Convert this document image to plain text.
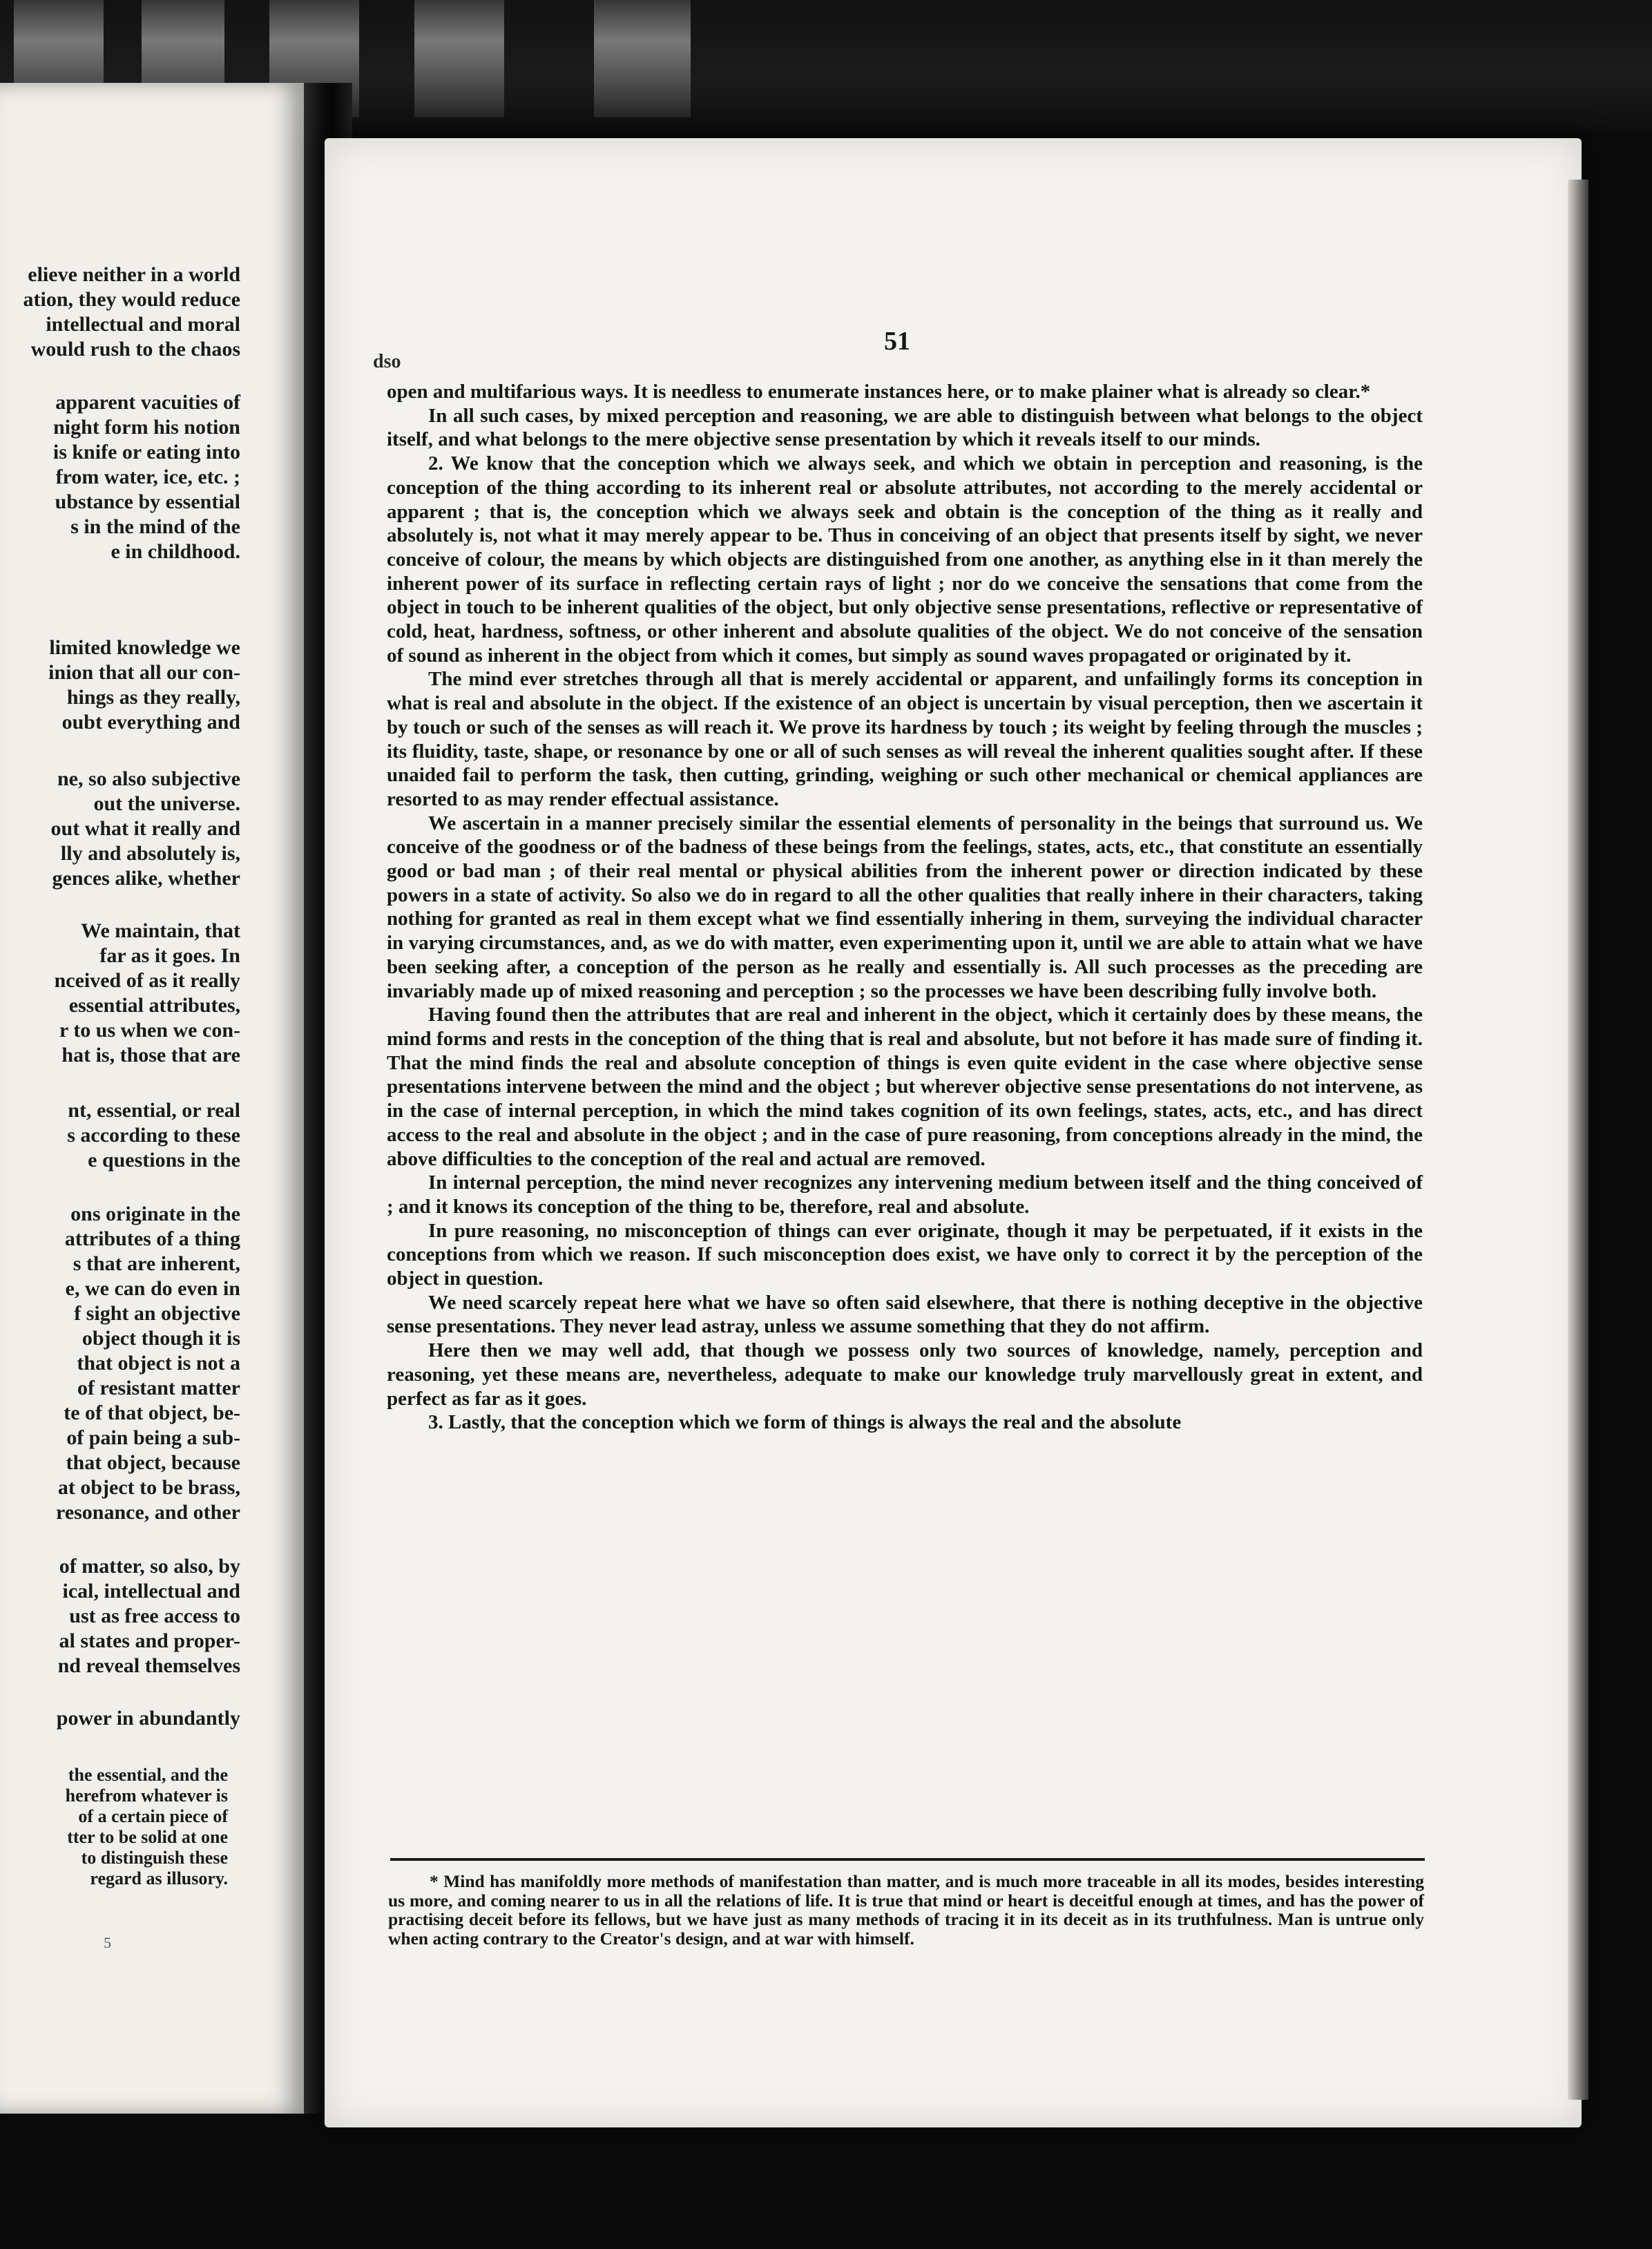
elieve neither in a world
ation, they would reduce
intellectual and moral
would rush to the chaos
apparent vacuities of
night form his notion
is knife or eating into
from water, ice, etc. ;
ubstance by essential
s in the mind of the
e in childhood.
limited knowledge we
inion that all our con-
hings as they really,
oubt everything and
ne, so also subjective
out the universe.
out what it really and
lly and absolutely is,
gences alike, whether
We maintain, that
far as it goes. In
nceived of as it really
essential attributes,
r to us when we con-
hat is, those that are
nt, essential, or real
s according to these
e questions in the
ons originate in the
attributes of a thing
s that are inherent,
e, we can do even in
f sight an objective
object though it is
that object is not a
of resistant matter
te of that object, be-
of pain being a sub-
that object, because
at object to be brass,
resonance, and other
of matter, so also, by
ical, intellectual and
ust as free access to
al states and proper-
nd reveal themselves
power in abundantly
the essential, and the
herefrom whatever is
of a certain piece of
tter to be solid at one
to distinguish these
regard as illusory.
5
51
dso

open and multifarious ways. It is needless to enumerate instances here, or to make plainer what is already so clear.*

In all such cases, by mixed perception and reasoning, we are able to distinguish between what belongs to the object itself, and what belongs to the mere objective sense presentation by which it reveals itself to our minds.

2. We know that the conception which we always seek, and which we obtain in perception and reasoning, is the conception of the thing according to its inherent real or absolute attributes, not according to the merely accidental or apparent ; that is, the conception which we always seek and obtain is the conception of the thing as it really and absolutely is, not what it may merely appear to be. Thus in conceiving of an object that presents itself by sight, we never conceive of colour, the means by which objects are distinguished from one another, as anything else in it than merely the inherent power of its surface in reflecting certain rays of light ; nor do we conceive the sensations that come from the object in touch to be inherent qualities of the object, but only objective sense presentations, reflective or representative of cold, heat, hardness, softness, or other inherent and absolute qualities of the object. We do not conceive of the sensation of sound as inherent in the object from which it comes, but simply as sound waves propagated or originated by it.

The mind ever stretches through all that is merely accidental or apparent, and unfailingly forms its conception in what is real and absolute in the object. If the existence of an object is uncertain by visual perception, then we ascertain it by touch or such of the senses as will reach it. We prove its hardness by touch ; its weight by feeling through the muscles ; its fluidity, taste, shape, or resonance by one or all of such senses as will reveal the inherent qualities sought after. If these unaided fail to perform the task, then cutting, grinding, weighing or such other mechanical or chemical appliances are resorted to as may render effectual assistance.

We ascertain in a manner precisely similar the essential elements of personality in the beings that surround us. We conceive of the goodness or of the badness of these beings from the feelings, states, acts, etc., that constitute an essentially good or bad man ; of their real mental or physical abilities from the inherent power or direction indicated by these powers in a state of activity. So also we do in regard to all the other qualities that really inhere in their characters, taking nothing for granted as real in them except what we find essentially inhering in them, surveying the individual character in varying circumstances, and, as we do with matter, even experimenting upon it, until we are able to attain what we have been seeking after, a conception of the person as he really and essentially is. All such processes as the preceding are invariably made up of mixed reasoning and perception ; so the processes we have been describing fully involve both.

Having found then the attributes that are real and inherent in the object, which it certainly does by these means, the mind forms and rests in the conception of the thing that is real and absolute, but not before it has made sure of finding it. That the mind finds the real and absolute conception of things is even quite evident in the case where objective sense presentations intervene between the mind and the object ; but wherever objective sense presentations do not intervene, as in the case of internal perception, in which the mind takes cognition of its own feelings, states, acts, etc., and has direct access to the real and absolute in the object ; and in the case of pure reasoning, from conceptions already in the mind, the above difficulties to the conception of the real and actual are removed.

In internal perception, the mind never recognizes any intervening medium between itself and the thing conceived of ; and it knows its conception of the thing to be, therefore, real and absolute.

In pure reasoning, no misconception of things can ever originate, though it may be perpetuated, if it exists in the conceptions from which we reason. If such misconception does exist, we have only to correct it by the perception of the object in question.

We need scarcely repeat here what we have so often said elsewhere, that there is nothing deceptive in the objective sense presentations. They never lead astray, unless we assume something that they do not affirm.

Here then we may well add, that though we possess only two sources of knowledge, namely, perception and reasoning, yet these means are, nevertheless, adequate to make our knowledge truly marvellously great in extent, and perfect as far as it goes.

3. Lastly, that the conception which we form of things is always the real and the absolute

* Mind has manifoldly more methods of manifestation than matter, and is much more traceable in all its modes, besides interesting us more, and coming nearer to us in all the relations of life. It is true that mind or heart is deceitful enough at times, and has the power of practising deceit before its fellows, but we have just as many methods of tracing it in its deceit as in its truthfulness. Man is untrue only when acting contrary to the Creator's design, and at war with himself.
